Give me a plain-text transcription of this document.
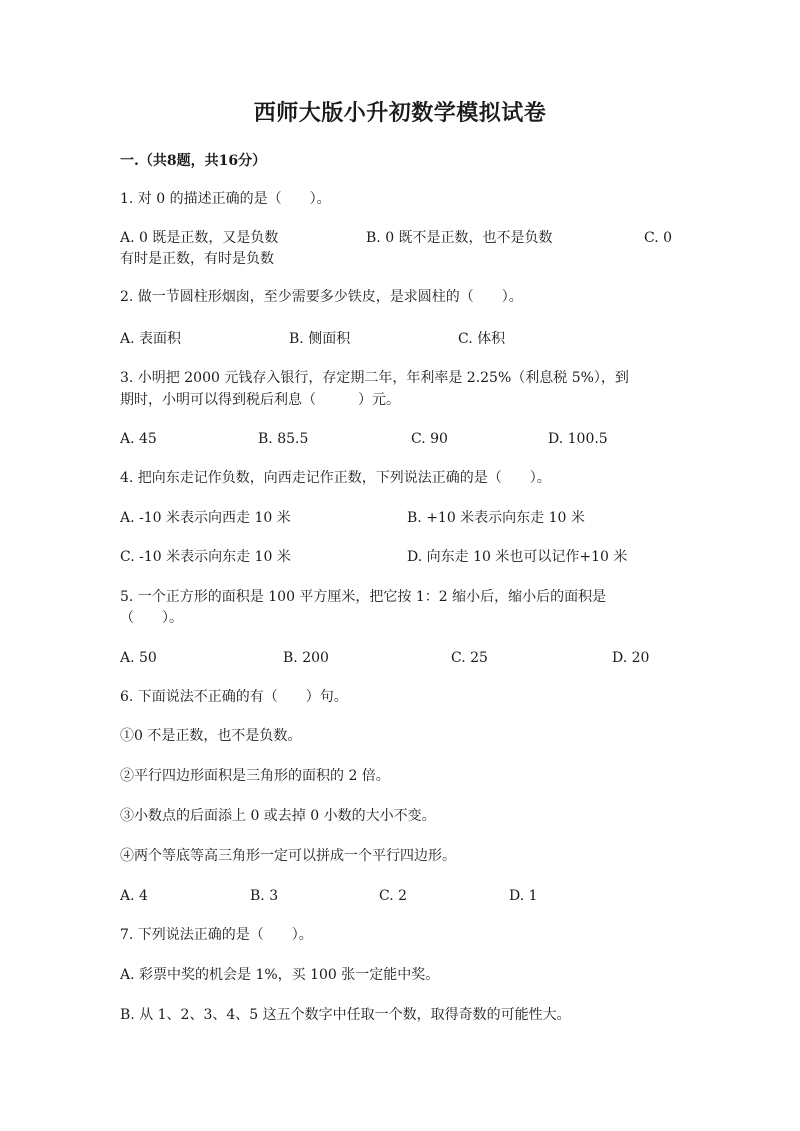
西师大版小升初数学模拟试卷
一.（共8题，共16分）
1. 对 0 的描述正确的是（　　）。
A. 0 既是正数，又是负数	B. 0 既不是正数，也不是负数	C. 0
有时是正数，有时是负数
2. 做一节圆柱形烟囱，至少需要多少铁皮，是求圆柱的（　　）。
A. 表面积	B. 侧面积	C. 体积
3. 小明把 2000 元钱存入银行，存定期二年，年利率是 2.25%（利息税 5%），到
期时，小明可以得到税后利息（　　　）元。
A. 45	B. 85.5	C. 90	D. 100.5
4. 把向东走记作负数，向西走记作正数，下列说法正确的是（　　）。
A. -10 米表示向西走 10 米	B. +10 米表示向东走 10 米
C. -10 米表示向东走 10 米	D. 向东走 10 米也可以记作+10 米
5. 一个正方形的面积是 100 平方厘米，把它按 1：2 缩小后，缩小后的面积是
（　　）。
A. 50	B. 200	C. 25	D. 20
6. 下面说法不正确的有（　　）句。
①0 不是正数，也不是负数。
②平行四边形面积是三角形的面积的 2 倍。
③小数点的后面添上 0 或去掉 0 小数的大小不变。
④两个等底等高三角形一定可以拼成一个平行四边形。
A. 4	B. 3	C. 2	D. 1
7. 下列说法正确的是（　　）。
A. 彩票中奖的机会是 1%，买 100 张一定能中奖。
B. 从 1、2、3、4、5 这五个数字中任取一个数，取得奇数的可能性大。
